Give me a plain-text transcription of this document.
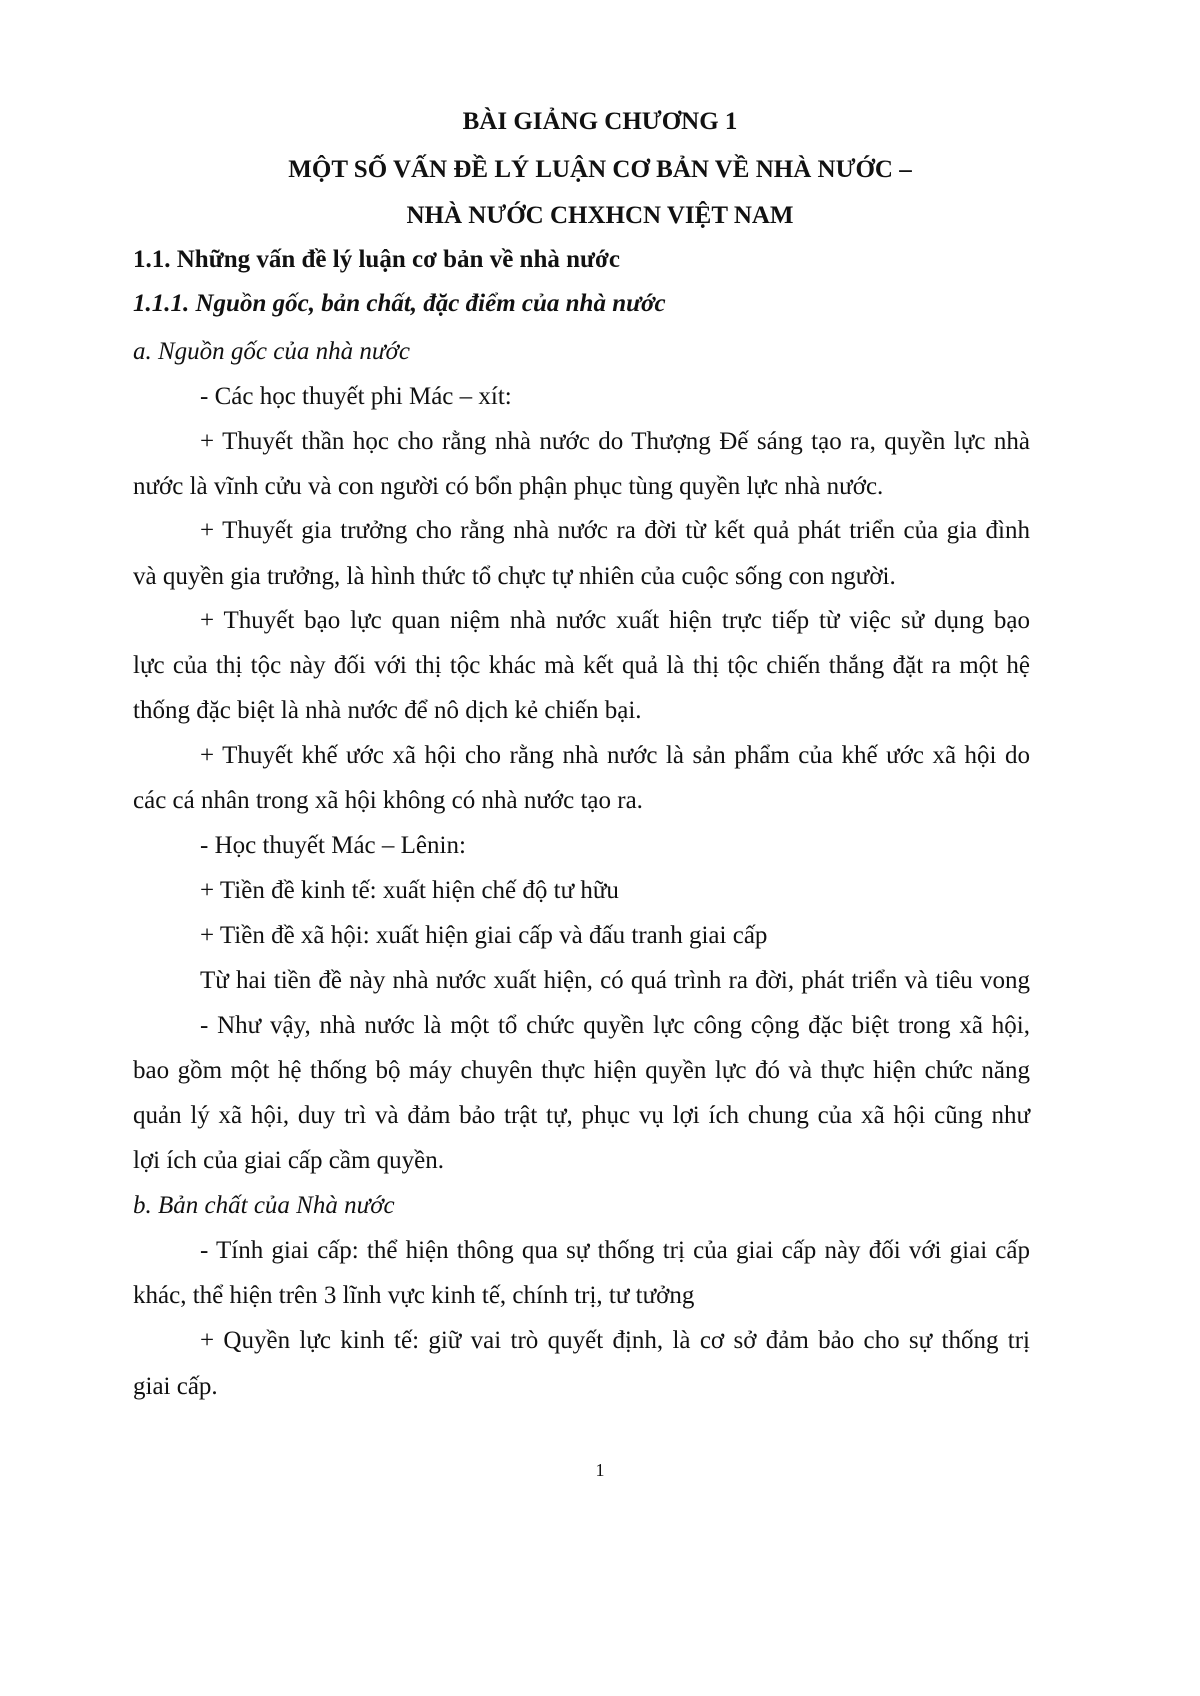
BÀI GIẢNG CHƯƠNG 1
MỘT SỐ VẤN ĐỀ LÝ LUẬN CƠ BẢN VỀ NHÀ NƯỚC –
NHÀ NƯỚC CHXHCN VIỆT NAM
1.1. Những vấn đề lý luận cơ bản về nhà nước
1.1.1. Nguồn gốc, bản chất, đặc điểm của nhà nước
a. Nguồn gốc của nhà nước
- Các học thuyết phi Mác – xít:
+ Thuyết thần học cho rằng nhà nước do Thượng Đế sáng tạo ra, quyền lực nhà
nước là vĩnh cửu và con người có bổn phận phục tùng quyền lực nhà nước.
+ Thuyết gia trưởng cho rằng nhà nước ra đời từ kết quả phát triển của gia đình
và quyền gia trưởng, là hình thức tổ chực tự nhiên của cuộc sống con người.
+ Thuyết bạo lực quan niệm nhà nước xuất hiện trực tiếp từ việc sử dụng bạo
lực của thị tộc này đối với thị tộc khác mà kết quả là thị tộc chiến thắng đặt ra một hệ
thống đặc biệt là nhà nước để nô dịch kẻ chiến bại.
+ Thuyết khế ước xã hội cho rằng nhà nước là sản phẩm của khế ước xã hội do
các cá nhân trong xã hội không có nhà nước tạo ra.
- Học thuyết Mác – Lênin:
+ Tiền đề kinh tế: xuất hiện chế độ tư hữu
+ Tiền đề xã hội: xuất hiện giai cấp và đấu tranh giai cấp
Từ hai tiền đề này nhà nước xuất hiện, có quá trình ra đời, phát triển và tiêu vong
- Như vậy, nhà nước là một tổ chức quyền lực công cộng đặc biệt trong xã hội,
bao gồm một hệ thống bộ máy chuyên thực hiện quyền lực đó và thực hiện chức năng
quản lý xã hội, duy trì và đảm bảo trật tự, phục vụ lợi ích chung của xã hội cũng như
lợi ích của giai cấp cầm quyền.
b. Bản chất của Nhà nước
- Tính giai cấp: thể hiện thông qua sự thống trị của giai cấp này đối với giai cấp
khác, thể hiện trên 3 lĩnh vực kinh tế, chính trị, tư tưởng
+ Quyền lực kinh tế: giữ vai trò quyết định, là cơ sở đảm bảo cho sự thống trị
giai cấp.
1
